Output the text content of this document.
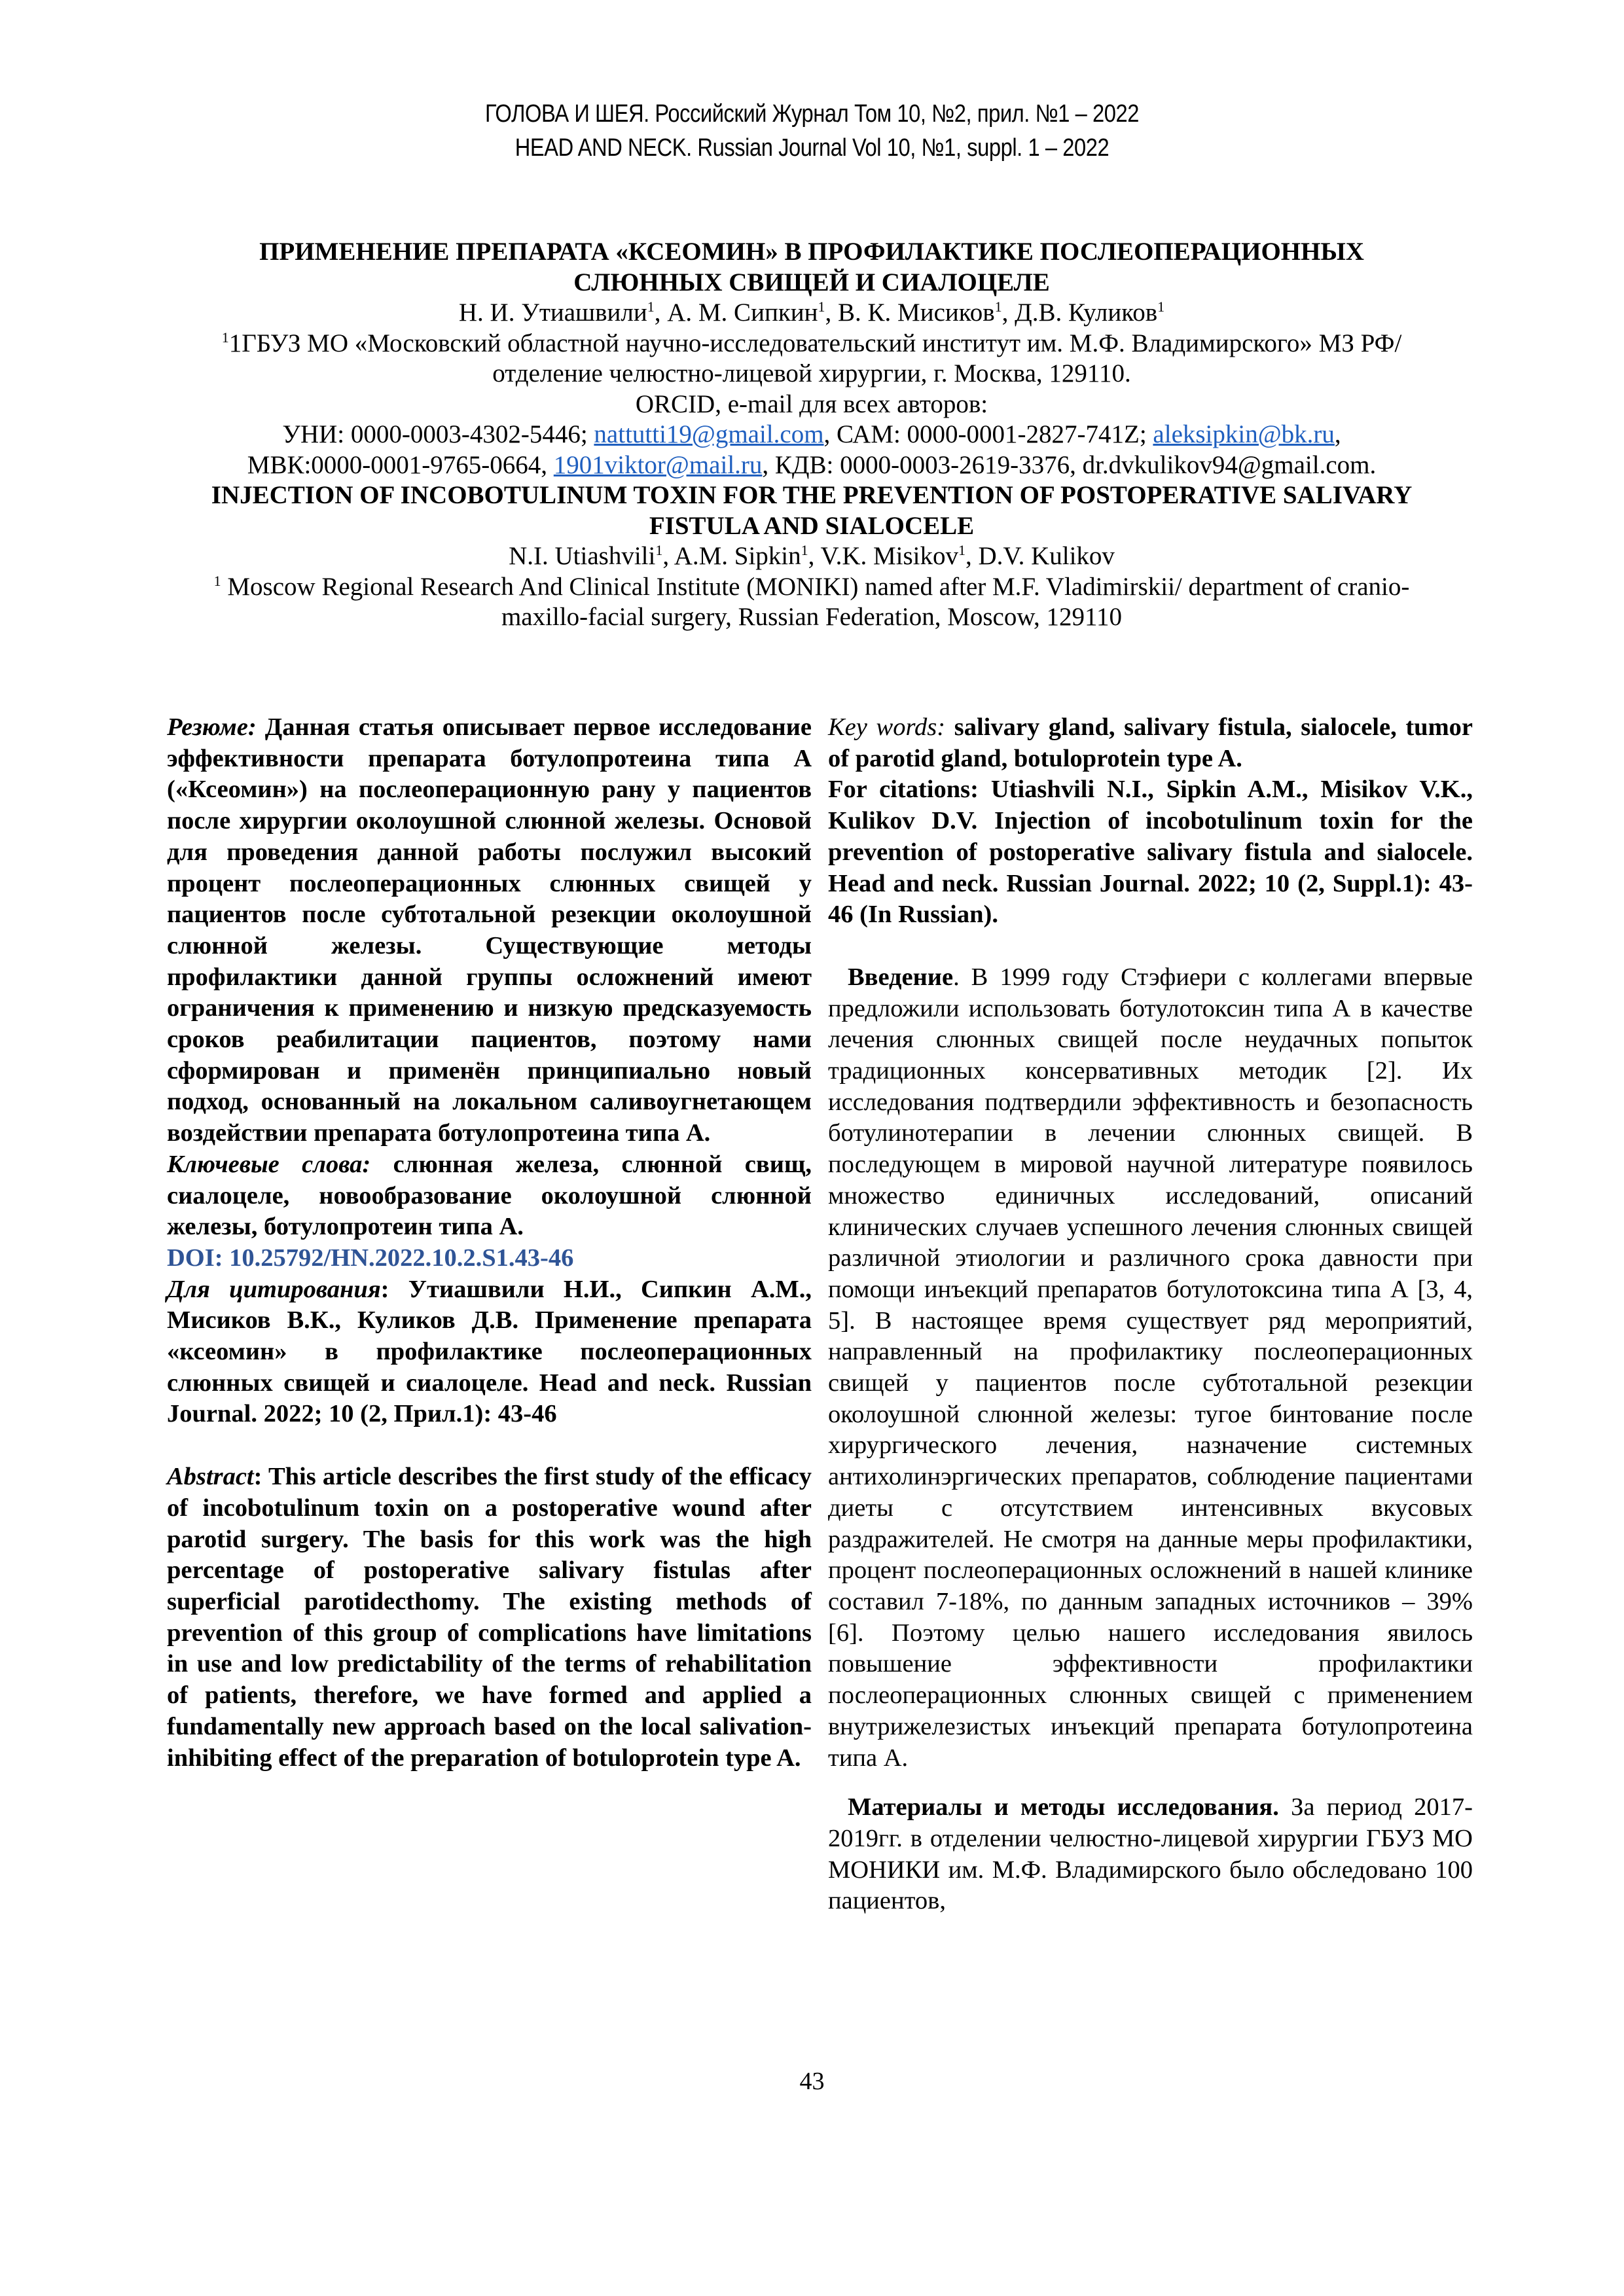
ГОЛОВА И ШЕЯ. Российский Журнал Том 10, №2, прил. №1 – 2022
HEAD AND NECK. Russian Journal Vol 10, №1, suppl. 1 – 2022
ПРИМЕНЕНИЕ ПРЕПАРАТА «КСЕОМИН» В ПРОФИЛАКТИКЕ ПОСЛЕОПЕРАЦИОННЫХ СЛЮННЫХ СВИЩЕЙ И СИАЛОЦЕЛЕ
Н. И. Утиашвили$^1$, А. М. Сипкин$^1$, В. К. Мисиков$^1$, Д.В. Куликов$^1$
$^1$1ГБУЗ МО «Московский областной научно-исследовательский институт им. М.Ф. Владимирского» МЗ РФ/ отделение челюстно-лицевой хирургии, г. Москва, 129110.
ORCID, e-mail для всех авторов:
УНИ: 0000-0003-4302-5446; nattutti19@gmail.com, САМ: 0000-0001-2827-741Z; aleksipkin@bk.ru,
МВК:0000-0001-9765-0664, 1901viktor@mail.ru, КДВ: 0000-0003-2619-3376, dr.dvkulikov94@gmail.com.
INJECTION OF INCOBOTULINUM TOXIN FOR THE PREVENTION OF POSTOPERATIVE SALIVARY FISTULA AND SIALOCELE
N.I. Utiashvili$^1$, A.M. Sipkin$^1$, V.K. Misikov$^1$, D.V. Kulikov
$^1$ Moscow Regional Research And Clinical Institute (MONIKI) named after M.F. Vladimirskii/ department of cranio-maxillo-facial surgery, Russian Federation, Moscow, 129110

Резюме: Данная статья описывает первое исследование эффективности препарата ботулопротеина типа А («Ксеомин») на послеоперационную рану у пациентов после хирургии околоушной слюнной железы. Основой для проведения данной работы послужил высокий процент послеоперационных слюнных свищей у пациентов после субтотальной резекции околоушной слюнной железы. Существующие методы профилактики данной группы осложнений имеют ограничения к применению и низкую предсказуемость сроков реабилитации пациентов, поэтому нами сформирован и применён принципиально новый подход, основанный на локальном саливоугнетающем воздействии препарата ботулопротеина типа А.

Ключевые слова: слюнная железа, слюнной свищ, сиалоцеле, новообразование околоушной слюнной железы, ботулопротеин типа А.

DOI: 10.25792/HN.2022.10.2.S1.43-46

Для цитирования: Утиашвили Н.И., Сипкин А.М., Мисиков В.К., Куликов Д.В. Применение препарата «ксеомин» в профилактике послеоперационных слюнных свищей и сиалоцеле. Head and neck. Russian Journal. 2022; 10 (2, Прил.1): 43-46

Abstract: This article describes the first study of the efficacy of incobotulinum toxin on a postoperative wound after parotid surgery. The basis for this work was the high percentage of postoperative salivary fistulas after superficial parotidecthomy. The existing methods of prevention of this group of complications have limitations in use and low predictability of the terms of rehabilitation of patients, therefore, we have formed and applied a fundamentally new approach based on the local salivation-inhibiting effect of the preparation of botuloprotein type A.

Key words: salivary gland, salivary fistula, sialocele, tumor of parotid gland, botuloprotein type A.

For citations: Utiashvili N.I., Sipkin A.M., Misikov V.K., Kulikov D.V. Injection of incobotulinum toxin for the prevention of postoperative salivary fistula and sialocele. Head and neck. Russian Journal. 2022; 10 (2, Suppl.1): 43-46 (In Russian).

Введение. В 1999 году Стэфиери с коллегами впервые предложили использовать ботулотоксин типа А в качестве лечения слюнных свищей после неудачных попыток традиционных консервативных методик [2]. Их исследования подтвердили эффективность и безопасность ботулинотерапии в лечении слюнных свищей. В последующем в мировой научной литературе появилось множество единичных исследований, описаний клинических случаев успешного лечения слюнных свищей различной этиологии и различного срока давности при помощи инъекций препаратов ботулотоксина типа А [3, 4, 5]. В настоящее время существует ряд мероприятий, направленный на профилактику послеоперационных свищей у пациентов после субтотальной резекции околоушной слюнной железы: тугое бинтование после хирургического лечения, назначение системных антихолинэргических препаратов, соблюдение пациентами диеты с отсутствием интенсивных вкусовых раздражителей. Не смотря на данные меры профилактики, процент послеоперационных осложнений в нашей клинике составил 7-18%, по данным западных источников – 39% [6]. Поэтому целью нашего исследования явилось повышение эффективности профилактики послеоперационных слюнных свищей с применением внутрижелезистых инъекций препарата ботулопротеина типа А.

Материалы и методы исследования. За период 2017-2019гг. в отделении челюстно-лицевой хирургии ГБУЗ МО МОНИКИ им. М.Ф. Владимирского было обследовано 100 пациентов,

43
